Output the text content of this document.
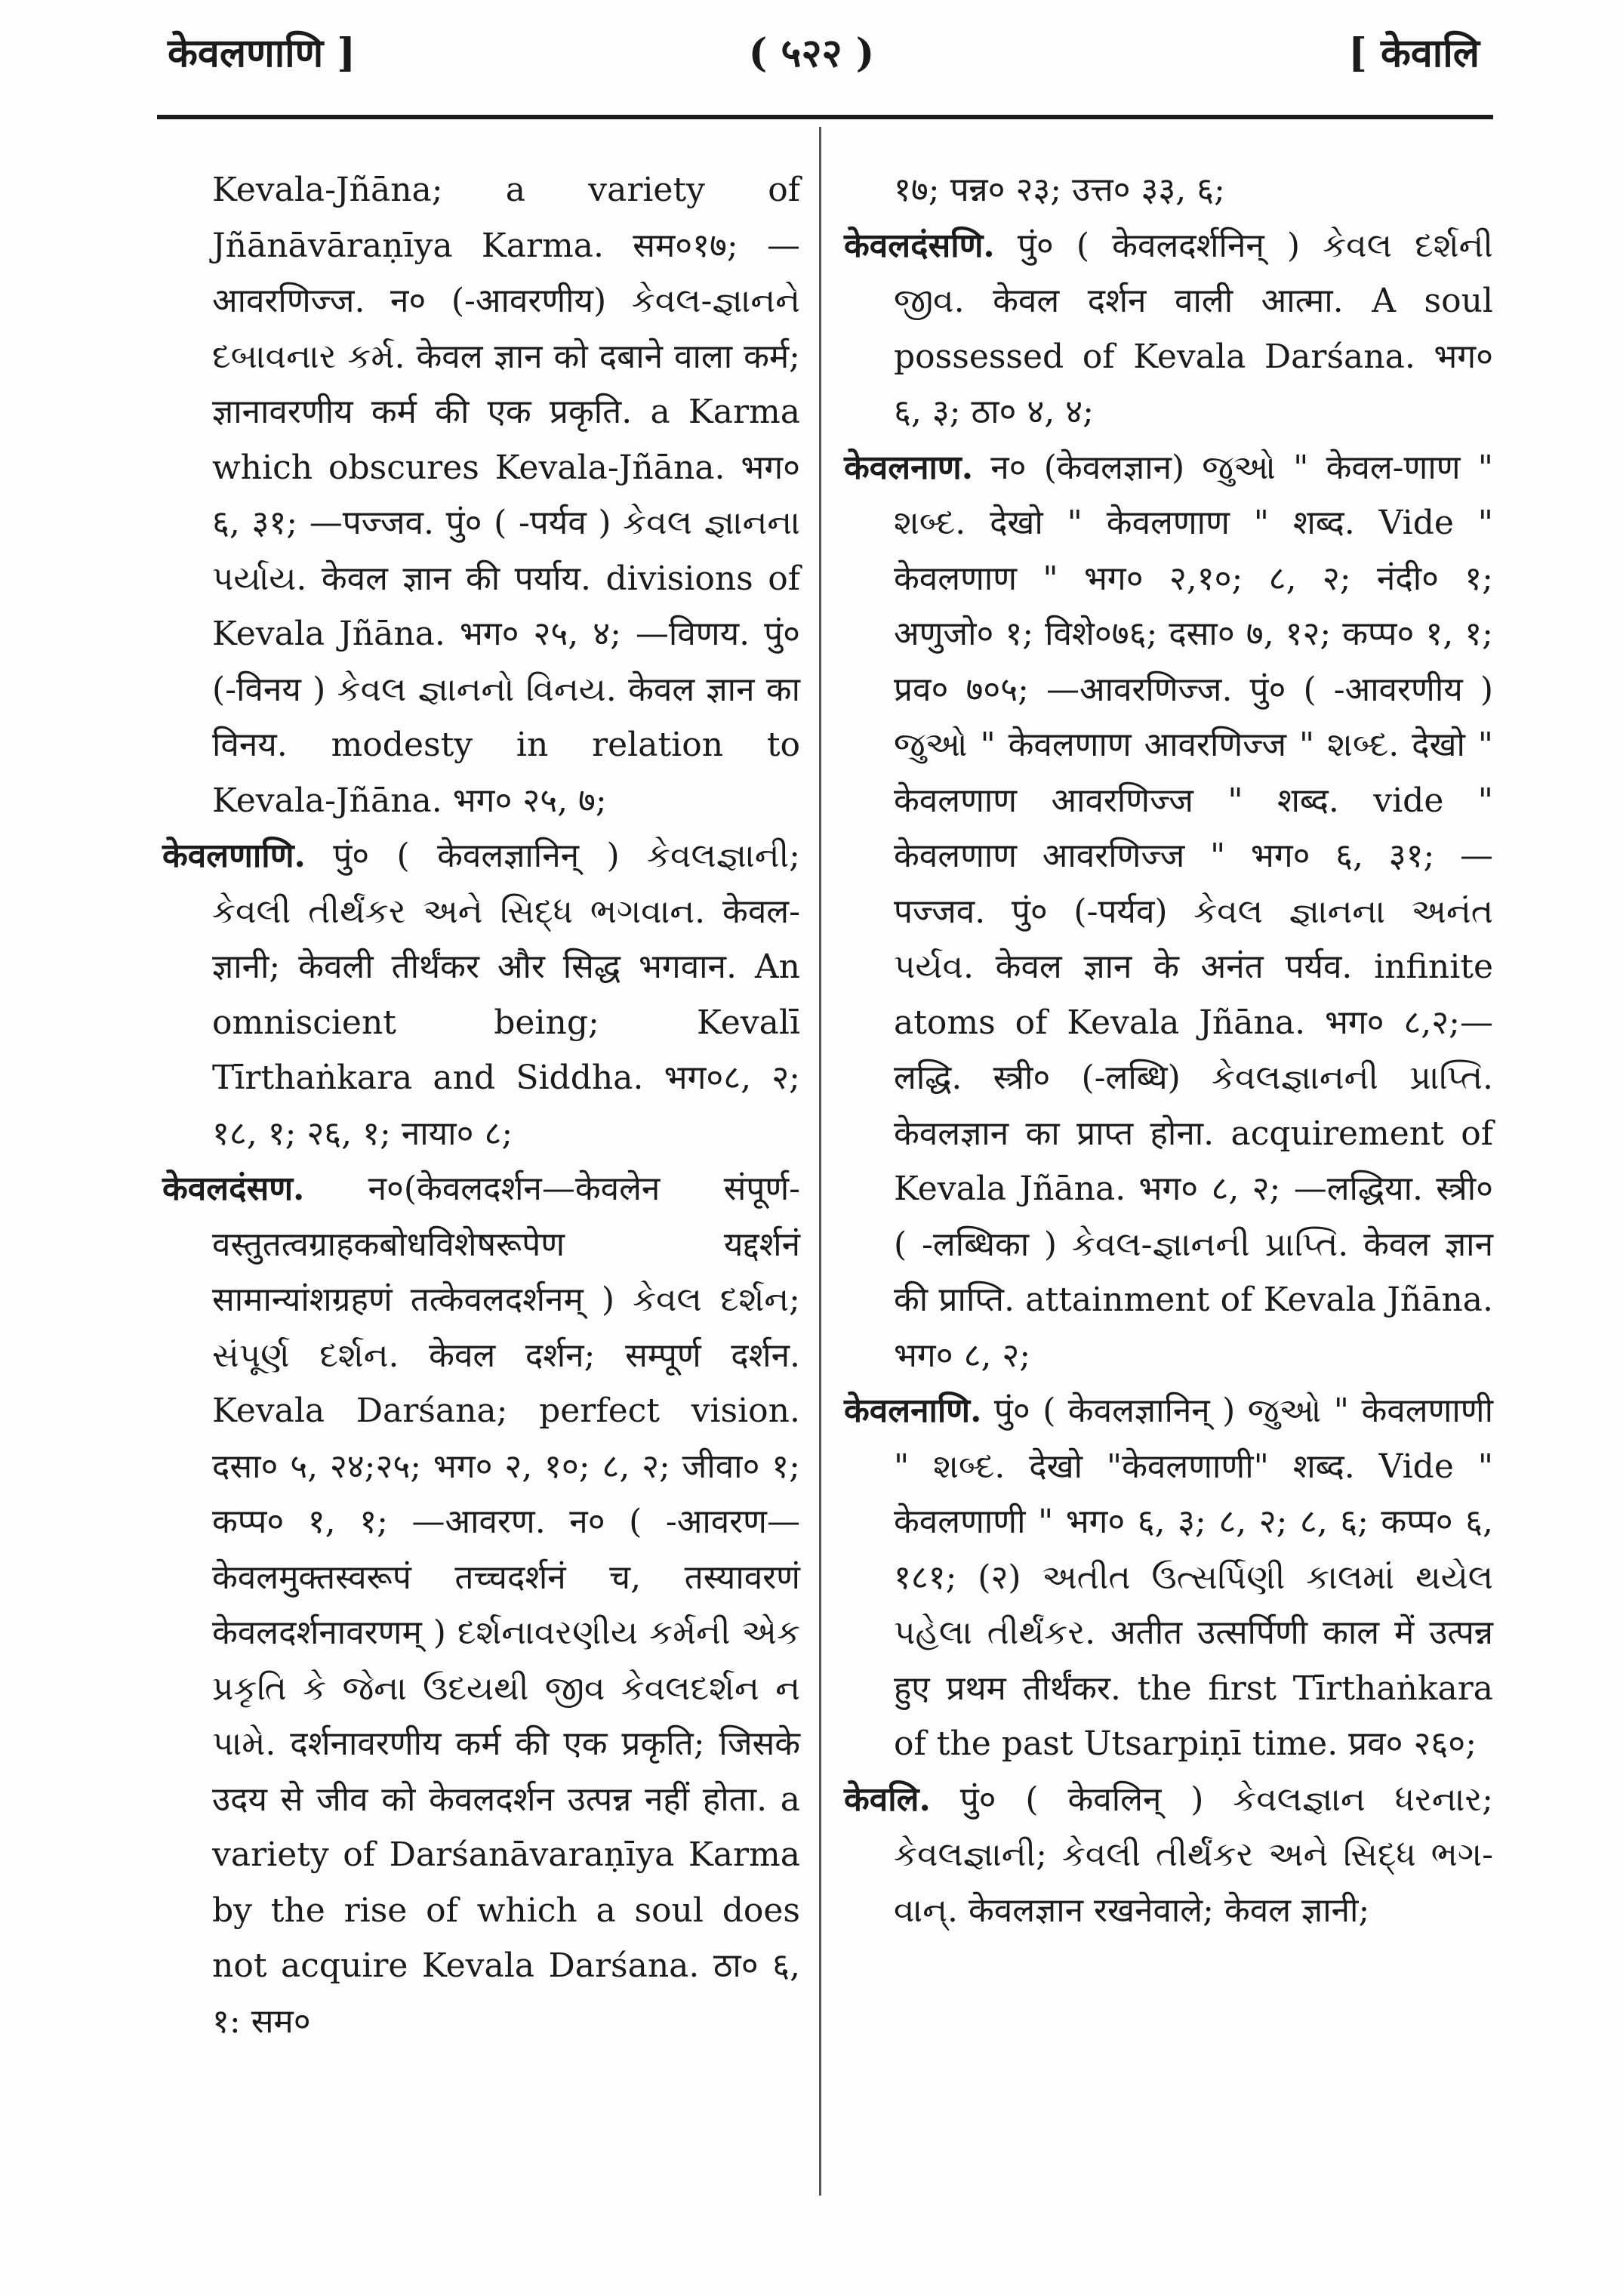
केवलणाणि ]	( ५२२ )	[ केवालि

Kevala-Jñāna; a variety of Jñānāvāraṇīya Karma. सम०१७; —आवरणिज्ज. न० (-आवरणीय) કેવલ-જ્ઞાનને દબાવનાર કર્મ. केवल ज्ञान को दबाने वाला कर्म; ज्ञानावरणीय कर्म की एक प्रकृति. a Karma which obscures Kevala-Jñāna. भग० ६, ३१; —पज्जव. पुं० ( -पर्यव ) કેવલ જ્ઞાનના પર્યાય. केवल ज्ञान की पर्याय. divisions of Kevala Jñāna. भग० २५, ४; —विणय. पुं० (-विनय ) કેવલ જ્ઞાનનો વિનય. केवल ज्ञान का विनय. modesty in relation to Kevala-Jñāna. भग० २५, ७;

केवलणाणि. पुं० ( केवलज्ञानिन् ) કેવલજ્ઞાની; કેવલી તીર્થંકર અને સિદ્ધ ભગવાન. केवल-ज्ञानी; केवली तीर्थंकर और सिद्ध भगवान. An omniscient being; Kevalī Tīrthaṅkara and Siddha. भग०८, २; १८, १; २६, १; नाया० ८;

केवलदंसण. न०(केवलदर्शन—केवलेन संपूर्ण-वस्तुतत्वग्राहकबोधविशेषरूपेण यद्दर्शनं सामान्यांशग्रहणं तत्केवलदर्शनम् ) કેવલ દર્શન; સંપૂર્ણ દર્શન. केवल दर्शन; सम्पूर्ण दर्शन. Kevala Darśana; perfect vision. दसा० ५, २४;२५; भग० २, १०; ८, २; जीवा० १; कप्प० १, १; —आवरण. न० ( -आवरण—केवलमुक्तस्वरूपं तच्चदर्शनं च, तस्यावरणं केवलदर्शनावरणम् ) દર્શનાવરણીય કર્મની એક પ્રકૃતિ કે જેના ઉદયથી જીવ કેવલદર્શન ન પામે. दर्शनावरणीय कर्म की एक प्रकृति; जिसके उदय से जीव को केवलदर्शन उत्पन्न नहीं होता. a variety of Darśanāvaraṇīya Karma by the rise of which a soul does not acquire Kevala Darśana. ठा० ६, १: सम०

१७; पन्न० २३; उत्त० ३३, ६;

केवलदंसणि. पुं० ( केवलदर्शनिन् ) કેવલ દર્શની જીવ. केवल दर्शन वाली आत्मा. A soul possessed of Kevala Darśana. भग० ६, ३; ठा० ४, ४;

केवलनाण. न० (केवलज्ञान) જુઓ " केवल-णाण " શબ્દ. देखो " केवलणाण " शब्द. Vide " केवलणाण " भग० २,१०; ८, २; नंदी० १; अणुजो० १; विशे०७६; दसा० ७, १२; कप्प० १, १; प्रव० ७०५; —आवरणिज्ज. पुं० ( -आवरणीय ) જુઓ " केवलणाण आवरणिज्ज " શબ્દ. देखो " केवलणाण आवरणिज्ज " शब्द. vide " केवलणाण आवरणिज्ज " भग० ६, ३१; —पज्जव. पुं० (-पर्यव) કેવલ જ્ઞાનના અનંત પર્યવ. केवल ज्ञान के अनंत पर्यव. infinite atoms of Kevala Jñāna. भग० ८,२;—लद्धि. स्त्री० (-लब्धि) કેવલજ્ઞાનની પ્રાપ્તિ. केवलज्ञान का प्राप्त होना. acquirement of Kevala Jñāna. भग० ८, २; —लद्धिया. स्त्री० ( -लब्धिका ) કેવલ-જ્ઞાનની પ્રાપ્તિ. केवल ज्ञान की प्राप्ति. attainment of Kevala Jñāna. भग० ८, २;

केवलनाणि. पुं० ( केवलज्ञानिन् ) જુઓ " केवलणाणी " શબ્દ. देखो "केवलणाणी" शब्द. Vide " केवलणाणी " भग० ६, ३; ८, २; ८, ६; कप्प० ६, १८१; (२) અતીત ઉત્સર્પિણી કાલમાં થયેલ પહેલા તીર્થંકર. अतीत उत्सर्पिणी काल में उत्पन्न हुए प्रथम तीर्थंकर. the first Tīrthaṅkara of the past Utsarpiṇī time. प्रव० २६०;

केवलि. पुं० ( केवलिन् ) કેવલજ્ઞાન ધરનાર; કેવલજ્ઞાની; કેવલી તીર્થંકર અને સિદ્ધ ભગ-વાન્. केवलज्ञान रखनेवाले; केवल ज्ञानी;
